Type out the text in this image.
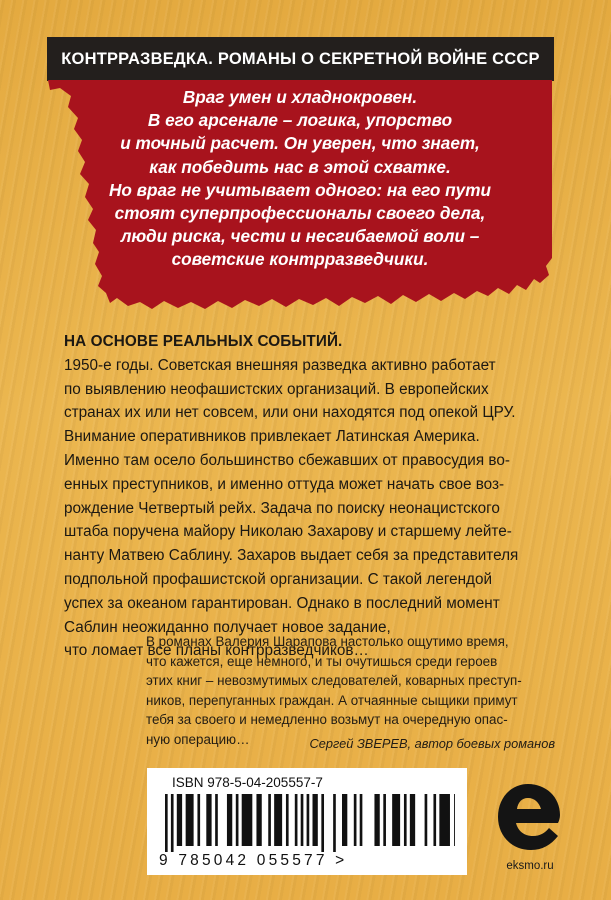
КОНТРРАЗВЕДКА. РОМАНЫ О СЕКРЕТНОЙ ВОЙНЕ СССР
Враг умен и хладнокровен.
В его арсенале – логика, упорство
и точный расчет. Он уверен, что знает,
как победить нас в этой схватке.
Но враг не учитывает одного: на его пути
стоят суперпрофессионалы своего дела,
люди риска, чести и несгибаемой воли –
советские контрразведчики.
НА ОСНОВЕ РЕАЛЬНЫХ СОБЫТИЙ.
1950-е годы. Советская внешняя разведка активно работает
по выявлению неофашистских организаций. В европейских
странах их или нет совсем, или они находятся под опекой ЦРУ.
Внимание оперативников привлекает Латинская Америка.
Именно там осело большинство сбежавших от правосудия во-
енных преступников, и именно оттуда может начать свое воз-
рождение Четвертый рейх. Задача по поиску неонацистского
штаба поручена майору Николаю Захарову и старшему лейте-
нанту Матвею Саблину. Захаров выдает себя за представителя
подпольной профашистской организации. С такой легендой
успех за океаном гарантирован. Однако в последний момент
Саблин неожиданно получает новое задание,
что ломает все планы контрразведчиков…
В романах Валерия Шарапова настолько ощутимо время,
что кажется, еще немного, и ты очутишься среди героев
этих книг – невозмутимых следователей, коварных преступ-
ников, перепуганных граждан. А отчаянные сыщики примут
тебя за своего и немедленно возьмут на очередную опас-
ную операцию…	Сергей ЗВЕРЕВ, автор боевых романов
ISBN 978-5-04-205557-7
9 785042 055577 >	eksmo.ru
